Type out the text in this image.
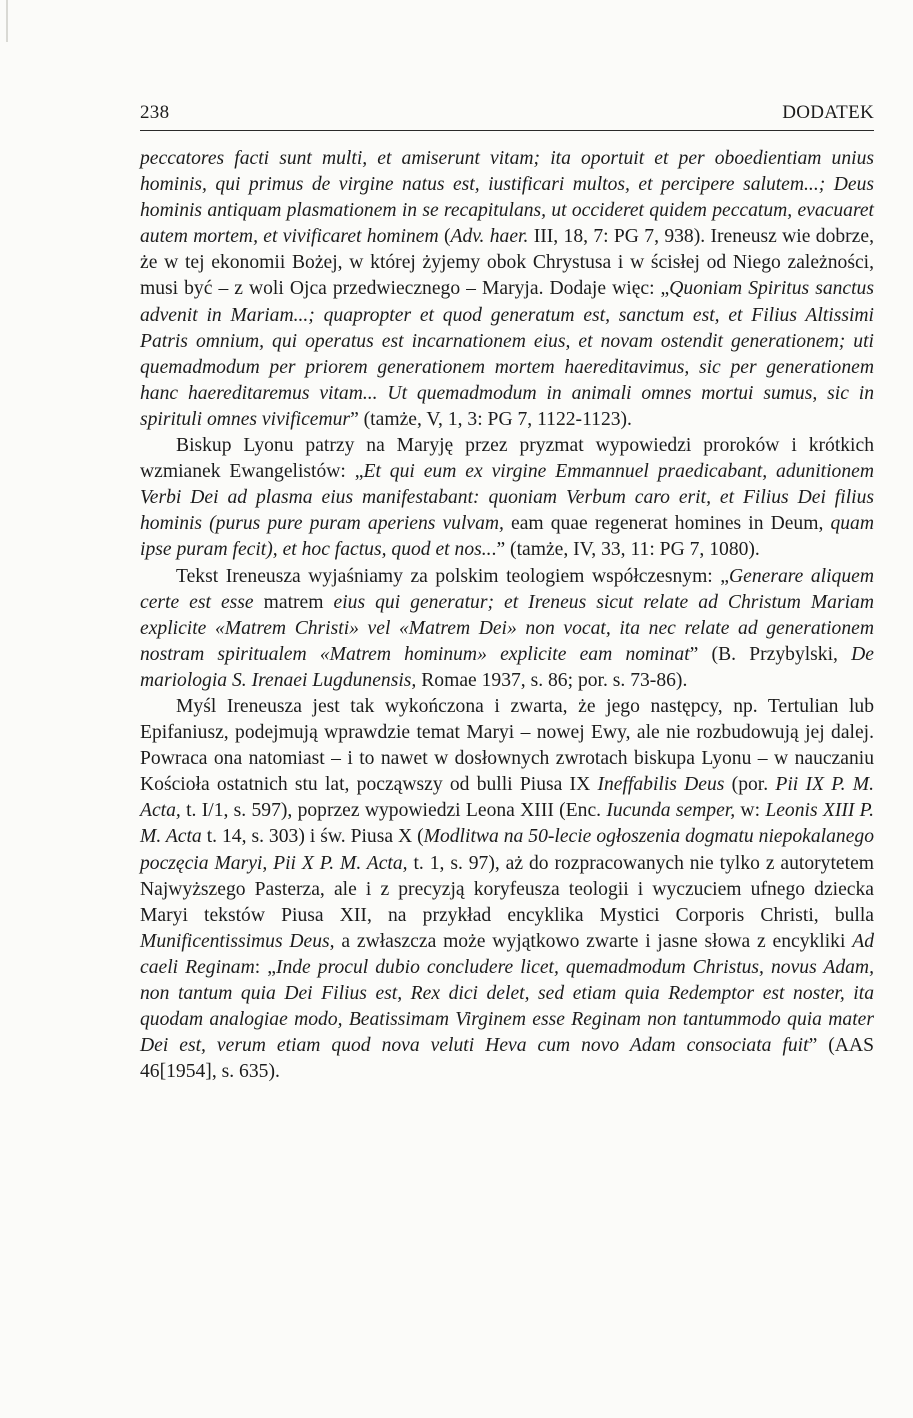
238	DODATEK

peccatores facti sunt multi, et amiserunt vitam; ita oportuit et per oboedientiam unius hominis, qui primus de virgine natus est, iustificari multos, et percipere salutem...; Deus hominis antiquam plasmationem in se recapitulans, ut occideret quidem peccatum, evacuaret autem mortem, et vivificaret hominem (Adv. haer. III, 18, 7: PG 7, 938). Ireneusz wie dobrze, że w tej ekonomii Bożej, w której żyjemy obok Chrystusa i w ścisłej od Niego zależności, musi być – z woli Ojca przedwiecznego – Maryja. Dodaje więc: „Quoniam Spiritus sanctus advenit in Mariam...; quapropter et quod generatum est, sanctum est, et Filius Altissimi Patris omnium, qui operatus est incarnationem eius, et novam ostendit generationem; uti quemadmodum per priorem generationem mortem haereditavimus, sic per generationem hanc haereditaremus vitam... Ut quemadmodum in animali omnes mortui sumus, sic in spirituli omnes vivificemur” (tamże, V, 1, 3: PG 7, 1122-1123).

Biskup Lyonu patrzy na Maryję przez pryzmat wypowiedzi proroków i krótkich wzmianek Ewangelistów: „Et qui eum ex virgine Emmannuel praedicabant, adunitionem Verbi Dei ad plasma eius manifestabant: quoniam Verbum caro erit, et Filius Dei filius hominis (purus pure puram aperiens vulvam, eam quae regenerat homines in Deum, quam ipse puram fecit), et hoc factus, quod et nos...” (tamże, IV, 33, 11: PG 7, 1080).

Tekst Ireneusza wyjaśniamy za polskim teologiem współczesnym: „Generare aliquem certe est esse matrem eius qui generatur; et Ireneus sicut relate ad Christum Mariam explicite «Matrem Christi» vel «Matrem Dei» non vocat, ita nec relate ad generationem nostram spiritualem «Matrem hominum» explicite eam nominat” (B. Przybylski, De mariologia S. Irenaei Lugdunensis, Romae 1937, s. 86; por. s. 73-86).

Myśl Ireneusza jest tak wykończona i zwarta, że jego następcy, np. Tertulian lub Epifaniusz, podejmują wprawdzie temat Maryi – nowej Ewy, ale nie rozbudowują jej dalej. Powraca ona natomiast – i to nawet w dosłownych zwrotach biskupa Lyonu – w nauczaniu Kościoła ostatnich stu lat, począwszy od bulli Piusa IX Ineffabilis Deus (por. Pii IX P. M. Acta, t. I/1, s. 597), poprzez wypowiedzi Leona XIII (Enc. Iucunda semper, w: Leonis XIII P. M. Acta t. 14, s. 303) i św. Piusa X (Modlitwa na 50-lecie ogłoszenia dogmatu niepokalanego poczęcia Maryi, Pii X P. M. Acta, t. 1, s. 97), aż do rozpracowanych nie tylko z autorytetem Najwyższego Pasterza, ale i z precyzją koryfeusza teologii i wyczuciem ufnego dziecka Maryi tekstów Piusa XII, na przykład encyklika Mystici Corporis Christi, bulla Munificentissimus Deus, a zwłaszcza może wyjątkowo zwarte i jasne słowa z encykliki Ad caeli Reginam: „Inde procul dubio concludere licet, quemadmodum Christus, novus Adam, non tantum quia Dei Filius est, Rex dici delet, sed etiam quia Redemptor est noster, ita quodam analogiae modo, Beatissimam Virginem esse Reginam non tantummodo quia mater Dei est, verum etiam quod nova veluti Heva cum novo Adam consociata fuit” (AAS 46[1954], s. 635).
